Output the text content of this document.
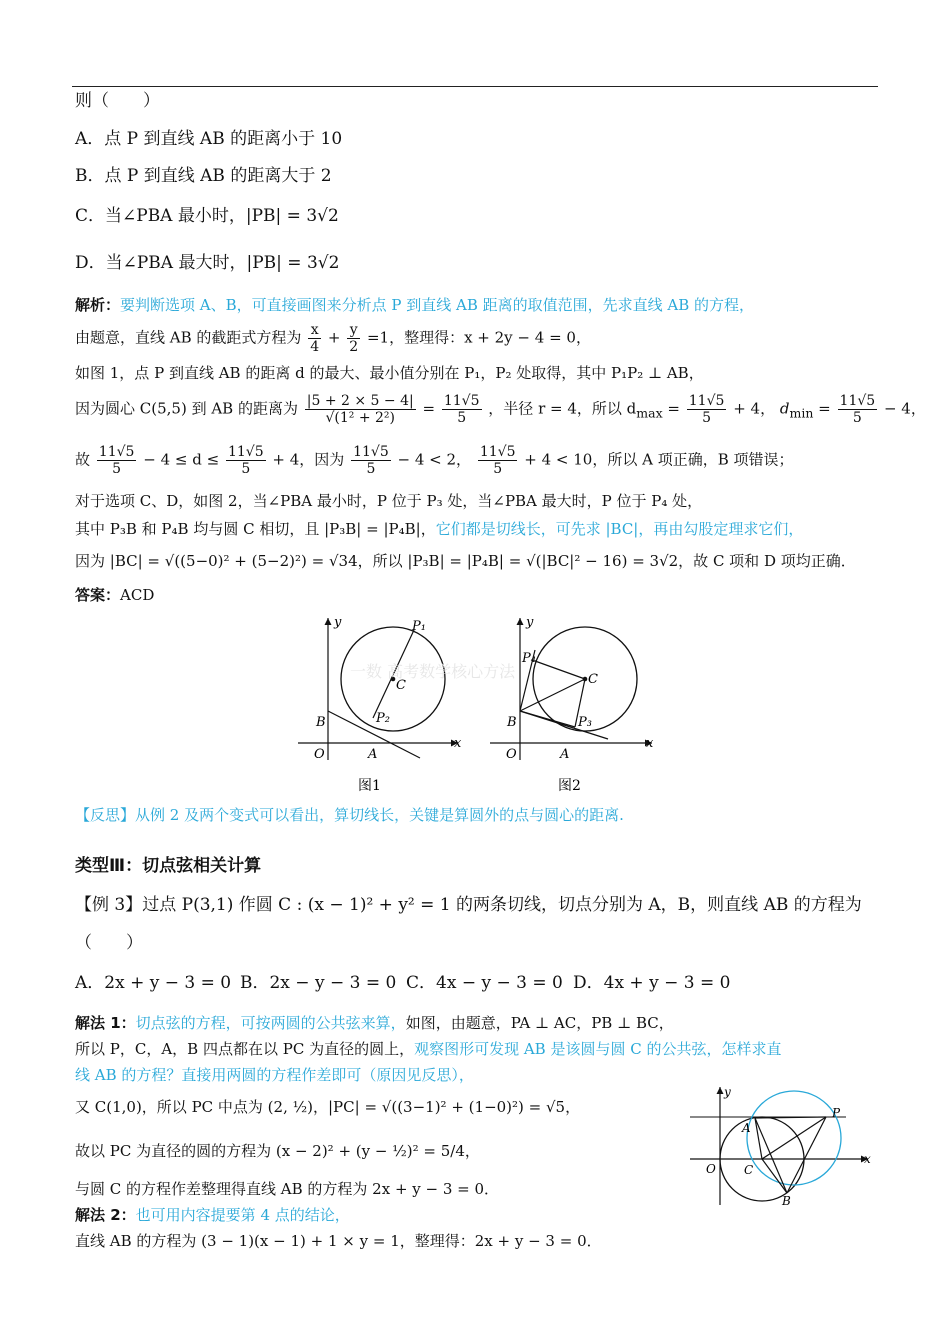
则（　　）
A．点 P 到直线 AB 的距离小于 10
B．点 P 到直线 AB 的距离大于 2
C．当∠PBA 最小时，|PB| = 3√2
D．当∠PBA 最大时，|PB| = 3√2
解析：要判断选项 A、B，可直接画图来分析点 P 到直线 AB 距离的取值范围，先求直线 AB 的方程，
由题意，直线 AB 的截距式方程为 $\frac{x}{4} + \frac{y}{2} =1$，整理得：x + 2y − 4 = 0，
如图 1，点 P 到直线 AB 的距离 d 的最大、最小值分别在 P₁，P₂ 处取得，其中 P₁P₂ ⊥ AB，
因为圆心 C(5,5) 到 AB 的距离为 $\frac{|5 + 2 \times 5 - 4|}{\text{√(1² + 2²)}} = \frac{11√5}{5}$ ，半径 r = 4，所以 $d_{max} = \frac{11√5}{5} + 4$， $d_{min} = \frac{11√5}{5} - 4$，
故 $\frac{11√5}{5} - 4 \le d \le \frac{11√5}{5} + 4$，因为 $\frac{11√5}{5} - 4 < 2$， $\frac{11√5}{5} + 4 < 10$，所以 A 项正确，B 项错误；
对于选项 C、D，如图 2，当∠PBA 最小时，P 位于 P₃ 处，当∠PBA 最大时，P 位于 P₄ 处，
其中 P₃B 和 P₄B 均与圆 C 相切，且 |P₃B| = |P₄B|，它们都是切线长，可先求 |BC|，再由勾股定理求它们，
因为 |BC| = √((5−0)² + (5−2)²) = √34，所以 |P₃B| = |P₄B| = √(|BC|² − 16) = 3√2，故 C 项和 D 项均正确．
答案：ACD
y
x
O	A
B
C
P₁
P₂
图1
y
x
O	A
B
C
P₄
P₃
图2
一数 高考数学核心方法
【反思】从例 2 及两个变式可以看出，算切线长，关键是算圆外的点与圆心的距离.
类型Ⅲ：切点弦相关计算
【例 3】过点 P(3,1) 作圆 C : (x − 1)² + y² = 1 的两条切线，切点分别为 A，B，则直线 AB 的方程为
（　　）
A．2x + y − 3 = 0 B．2x − y − 3 = 0 C．4x − y − 3 = 0 D．4x + y − 3 = 0
解法 1：切点弦的方程，可按两圆的公共弦来算，如图，由题意，PA ⊥ AC，PB ⊥ BC，
所以 P，C，A，B 四点都在以 PC 为直径的圆上，观察图形可发现 AB 是该圆与圆 C 的公共弦，怎样求直
线 AB 的方程？直接用两圆的方程作差即可（原因见反思），
又 C(1,0)，所以 PC 中点为 (2, ½)，|PC| = √((3−1)² + (1−0)²) = √5，
故以 PC 为直径的圆的方程为 (x − 2)² + (y − ½)² = 5/4，
与圆 C 的方程作差整理得直线 AB 的方程为 2x + y − 3 = 0．
解法 2：也可用内容提要第 4 点的结论，
直线 AB 的方程为 (3 − 1)(x − 1) + 1 × y = 1，整理得：2x + y − 3 = 0．
y
x
O
A
C
B
P
